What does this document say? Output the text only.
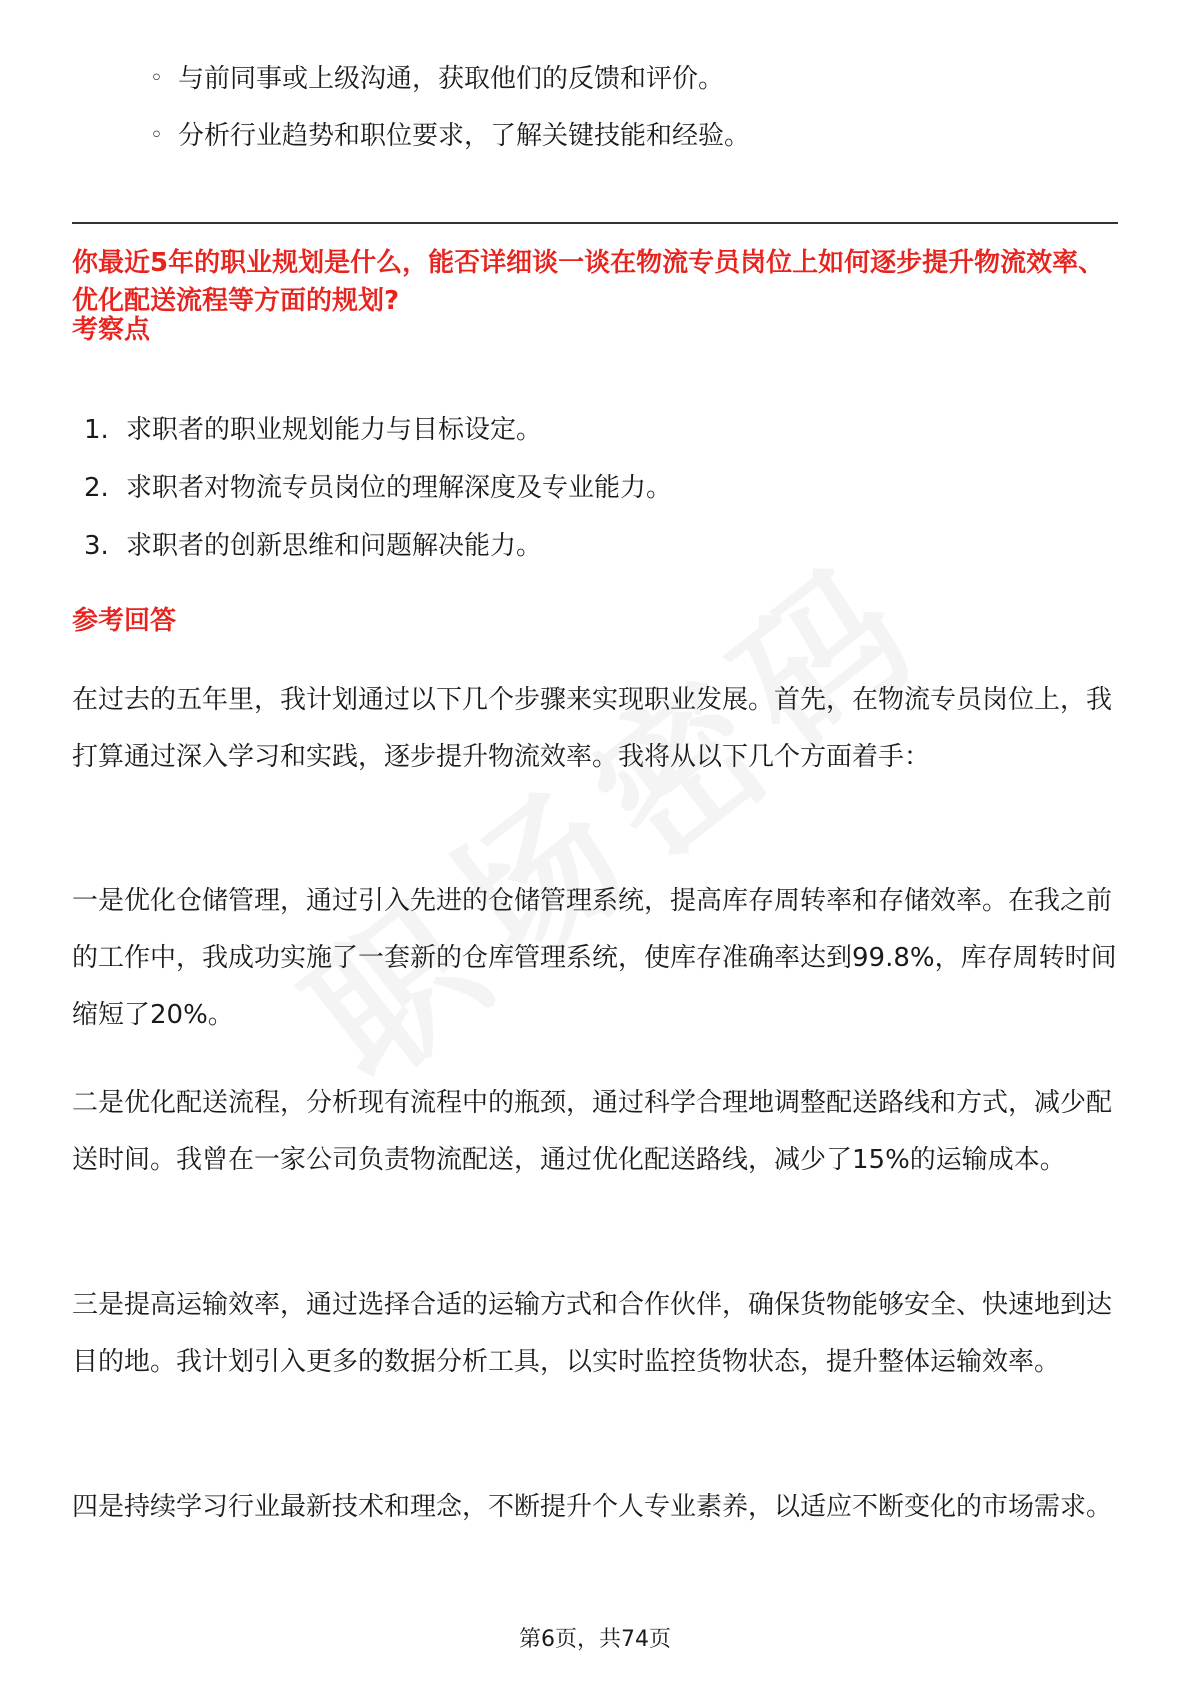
◦ 与前同事或上级沟通，获取他们的反馈和评价。
◦ 分析行业趋势和职位要求，了解关键技能和经验。

你最近5年的职业规划是什么，能否详细谈一谈在物流专员岗位上如何逐步提升物流效率、优化配送流程等方面的规划?

考察点

1. 求职者的职业规划能力与目标设定。
2. 求职者对物流专员岗位的理解深度及专业能力。
3. 求职者的创新思维和问题解决能力。

参考回答

在过去的五年里，我计划通过以下几个步骤来实现职业发展。首先，在物流专员岗位上，我打算通过深入学习和实践，逐步提升物流效率。我将从以下几个方面着手：

一是优化仓储管理，通过引入先进的仓储管理系统，提高库存周转率和存储效率。在我之前的工作中，我成功实施了一套新的仓库管理系统，使库存准确率达到99.8%，库存周转时间缩短了20%。

二是优化配送流程，分析现有流程中的瓶颈，通过科学合理地调整配送路线和方式，减少配送时间。我曾在一家公司负责物流配送，通过优化配送路线，减少了15%的运输成本。

三是提高运输效率，通过选择合适的运输方式和合作伙伴，确保货物能够安全、快速地到达目的地。我计划引入更多的数据分析工具，以实时监控货物状态，提升整体运输效率。

四是持续学习行业最新技术和理念，不断提升个人专业素养，以适应不断变化的市场需求。

第6页，共74页
